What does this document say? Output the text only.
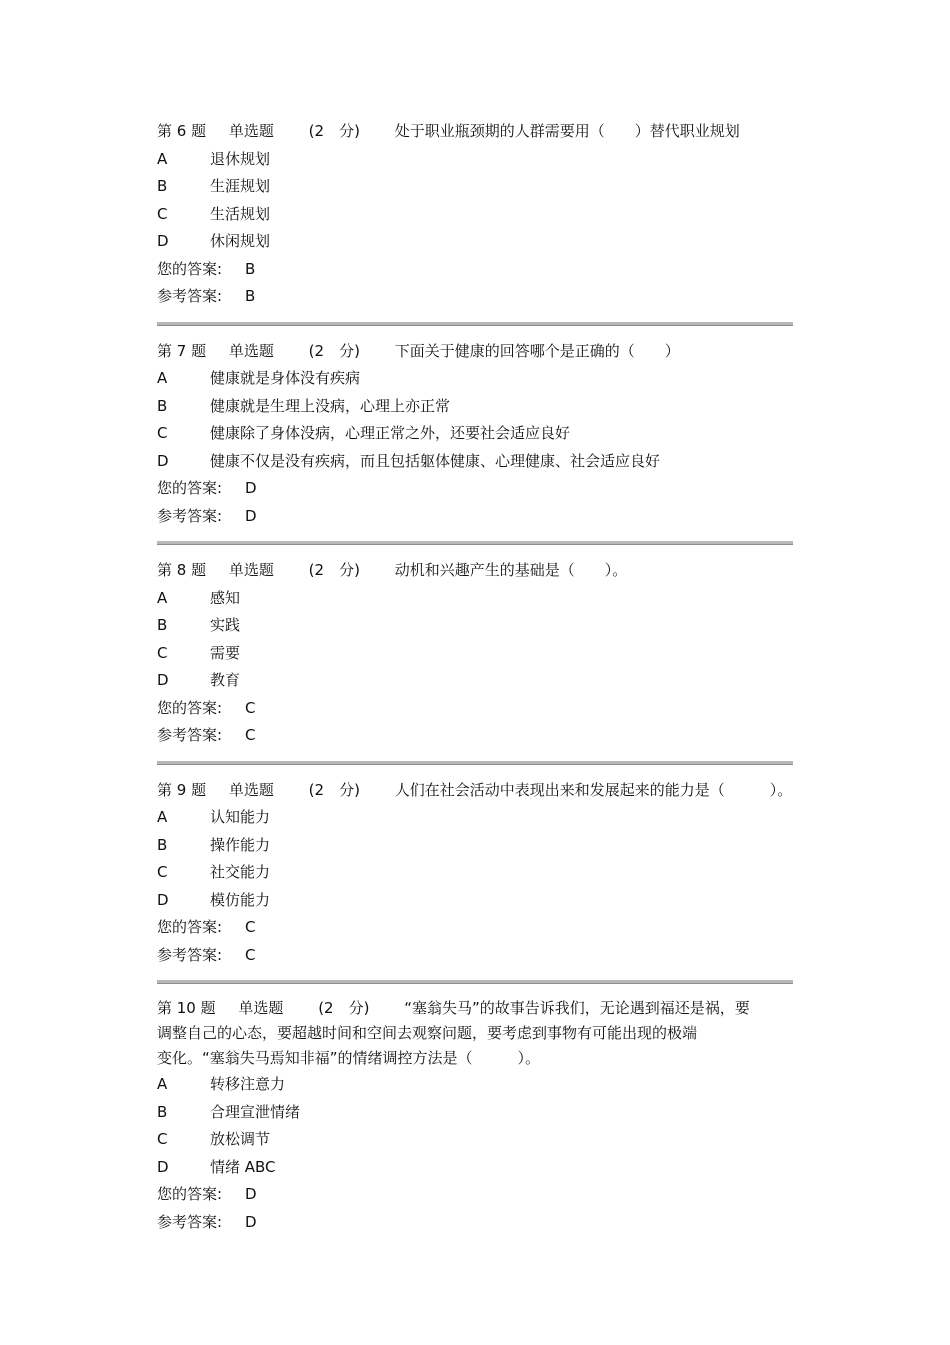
第 6 题 单选题 (2　分) 处于职业瓶颈期的人群需要用（　　）替代职业规划
A	退休规划
B	生涯规划
C	生活规划
D	休闲规划
您的答案: B
参考答案: B
第 7 题 单选题 (2　分) 下面关于健康的回答哪个是正确的（　　）
A	健康就是身体没有疾病
B	健康就是生理上没病，心理上亦正常
C	健康除了身体没病，心理正常之外，还要社会适应良好
D	健康不仅是没有疾病，而且包括躯体健康、心理健康、社会适应良好
您的答案: D
参考答案: D
第 8 题 单选题 (2　分) 动机和兴趣产生的基础是（　　）。
A	感知
B	实践
C	需要
D	教育
您的答案: C
参考答案: C
第 9 题 单选题 (2　分) 人们在社会活动中表现出来和发展起来的能力是（　　　）。
A	认知能力
B	操作能力
C	社交能力
D	模仿能力
您的答案: C
参考答案: C
第 10 题 单选题 (2　分) “塞翁失马”的故事告诉我们，无论遇到福还是祸，要
调整自己的心态，要超越时间和空间去观察问题，要考虑到事物有可能出现的极端
变化。“塞翁失马焉知非福”的情绪调控方法是（　　　）。
A	转移注意力
B	合理宣泄情绪
C	放松调节
D	情绪 ABC
您的答案: D
参考答案: D
